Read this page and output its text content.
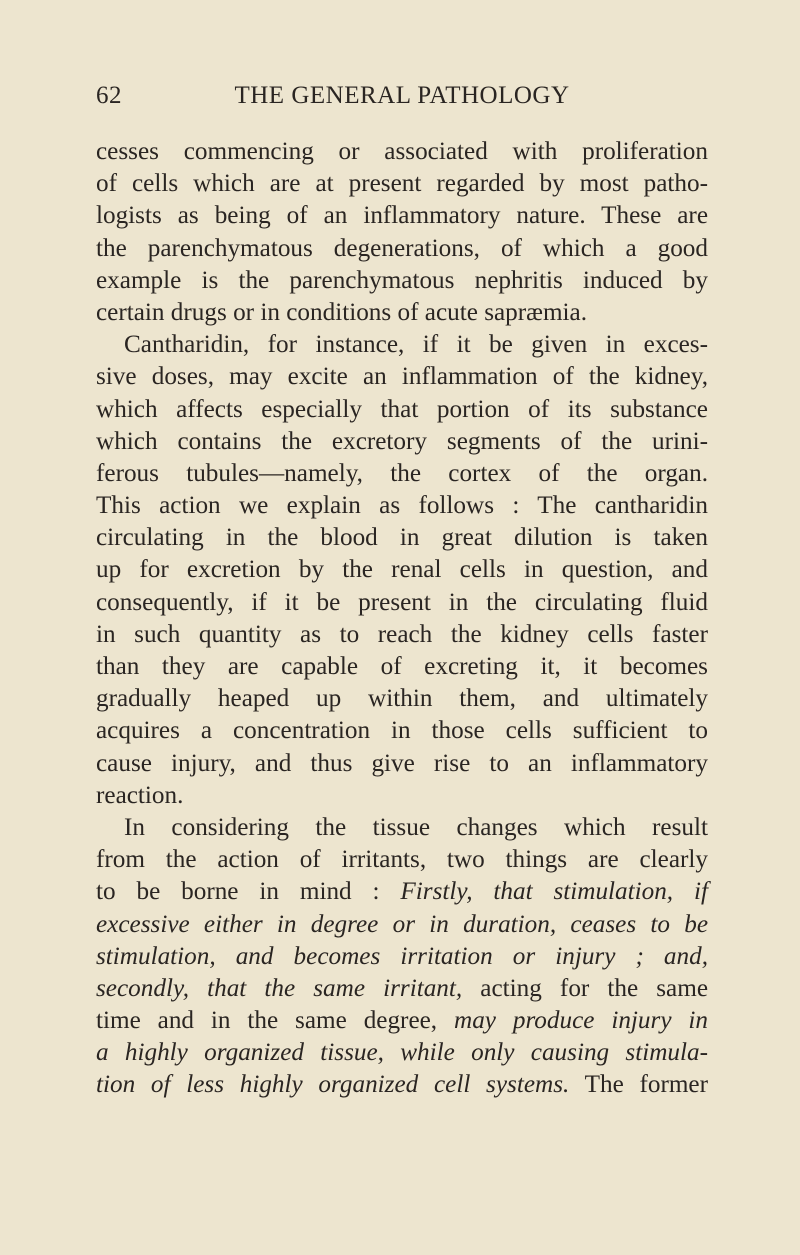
62	THE GENERAL PATHOLOGY
cesses commencing or associated with proliferation
of cells which are at present regarded by most patho-
logists as being of an inflammatory nature. These are
the parenchymatous degenerations, of which a good
example is the parenchymatous nephritis induced by
certain drugs or in conditions of acute sapræmia.
Cantharidin, for instance, if it be given in exces-
sive doses, may excite an inflammation of the kidney,
which affects especially that portion of its substance
which contains the excretory segments of the urini-
ferous tubules—namely, the cortex of the organ.
This action we explain as follows : The cantharidin
circulating in the blood in great dilution is taken
up for excretion by the renal cells in question, and
consequently, if it be present in the circulating fluid
in such quantity as to reach the kidney cells faster
than they are capable of excreting it, it becomes
gradually heaped up within them, and ultimately
acquires a concentration in those cells sufficient to
cause injury, and thus give rise to an inflammatory
reaction.
In considering the tissue changes which result
from the action of irritants, two things are clearly
to be borne in mind : Firstly, that stimulation, if
excessive either in degree or in duration, ceases to be
stimulation, and becomes irritation or injury ; and,
secondly, that the same irritant, acting for the same
time and in the same degree, may produce injury in
a highly organized tissue, while only causing stimula-
tion of less highly organized cell systems. The former
